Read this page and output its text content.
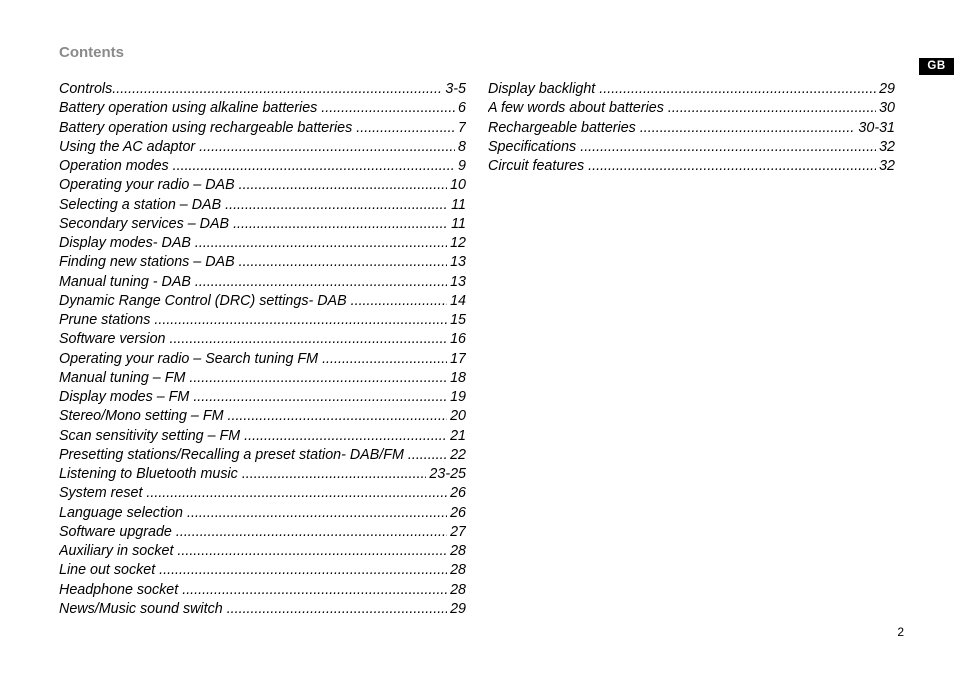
Contents
GB
Controls .....	3-5
Battery operation using alkaline batteries .....	6
Battery operation using rechargeable batteries .....	7
Using the AC adaptor .....	8
Operation modes .....	9
Operating your radio – DAB .....	10
Selecting a station – DAB .....	11
Secondary services – DAB .....	11
Display modes- DAB .....	12
Finding new stations – DAB .....	13
Manual tuning - DAB .....	13
Dynamic Range Control (DRC) settings- DAB .....	14
Prune stations .....	15
Software version .....	16
Operating your radio – Search tuning FM .....	17
Manual tuning – FM .....	18
Display modes – FM .....	19
Stereo/Mono setting – FM .....	20
Scan sensitivity setting – FM .....	21
Presetting stations/Recalling a preset station- DAB/FM .....	22
Listening to Bluetooth music .....	23-25
System reset .....	26
Language selection .....	26
Software upgrade .....	27
Auxiliary in socket .....	28
Line out socket .....	28
Headphone socket .....	28
News/Music sound switch .....	29
Display backlight .....	29
A few words about batteries .....	30
Rechargeable batteries .....	30-31
Specifications .....	32
Circuit features .....	32
2
